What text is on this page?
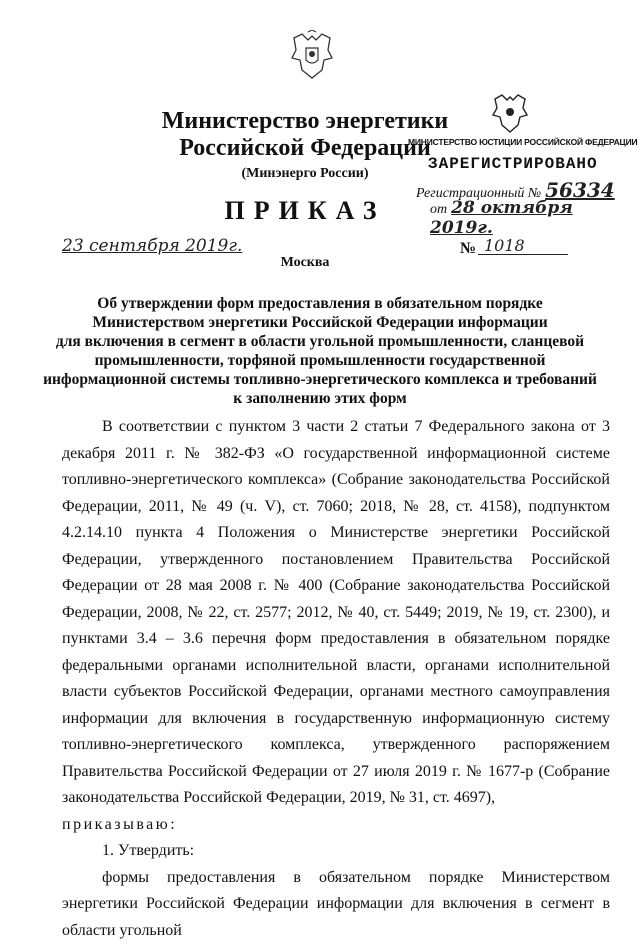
Министерство энергетики
Российской Федерации
(Минэнерго России)
ПРИКАЗ
МИНИСТЕРСТВО ЮСТИЦИИ РОССИЙСКОЙ ФЕДЕРАЦИИ
ЗАРЕГИСТРИРОВАНО
Регистрационный № 56334
от 28 октября 2019г.
23 сентября 2019г.	№ 1018
Москва
Об утверждении форм предоставления в обязательном порядке
Министерством энергетики Российской Федерации информации
для включения в сегмент в области угольной промышленности, сланцевой
промышленности, торфяной промышленности государственной
информационной системы топливно-энергетического комплекса и требований
к заполнению этих форм

В соответствии с пунктом 3 части 2 статьи 7 Федерального закона от 3 декабря 2011 г. № 382-ФЗ «О государственной информационной системе топливно-энергетического комплекса» (Собрание законодательства Российской Федерации, 2011, № 49 (ч. V), ст. 7060; 2018, № 28, ст. 4158), подпунктом 4.2.14.10 пункта 4 Положения о Министерстве энергетики Российской Федерации, утвержденного постановлением Правительства Российской Федерации от 28 мая 2008 г. № 400 (Собрание законодательства Российской Федерации, 2008, № 22, ст. 2577; 2012, № 40, ст. 5449; 2019, № 19, ст. 2300), и пунктами 3.4 – 3.6 перечня форм предоставления в обязательном порядке федеральными органами исполнительной власти, органами исполнительной власти субъектов Российской Федерации, органами местного самоуправления информации для включения в государственную информационную систему топливно-энергетического комплекса, утвержденного распоряжением Правительства Российской Федерации от 27 июля 2019 г. № 1677-р (Собрание законодательства Российской Федерации, 2019, № 31, ст. 4697),

приказываю:

1. Утвердить:

формы предоставления в обязательном порядке Министерством энергетики Российской Федерации информации для включения в сегмент в области угольной
